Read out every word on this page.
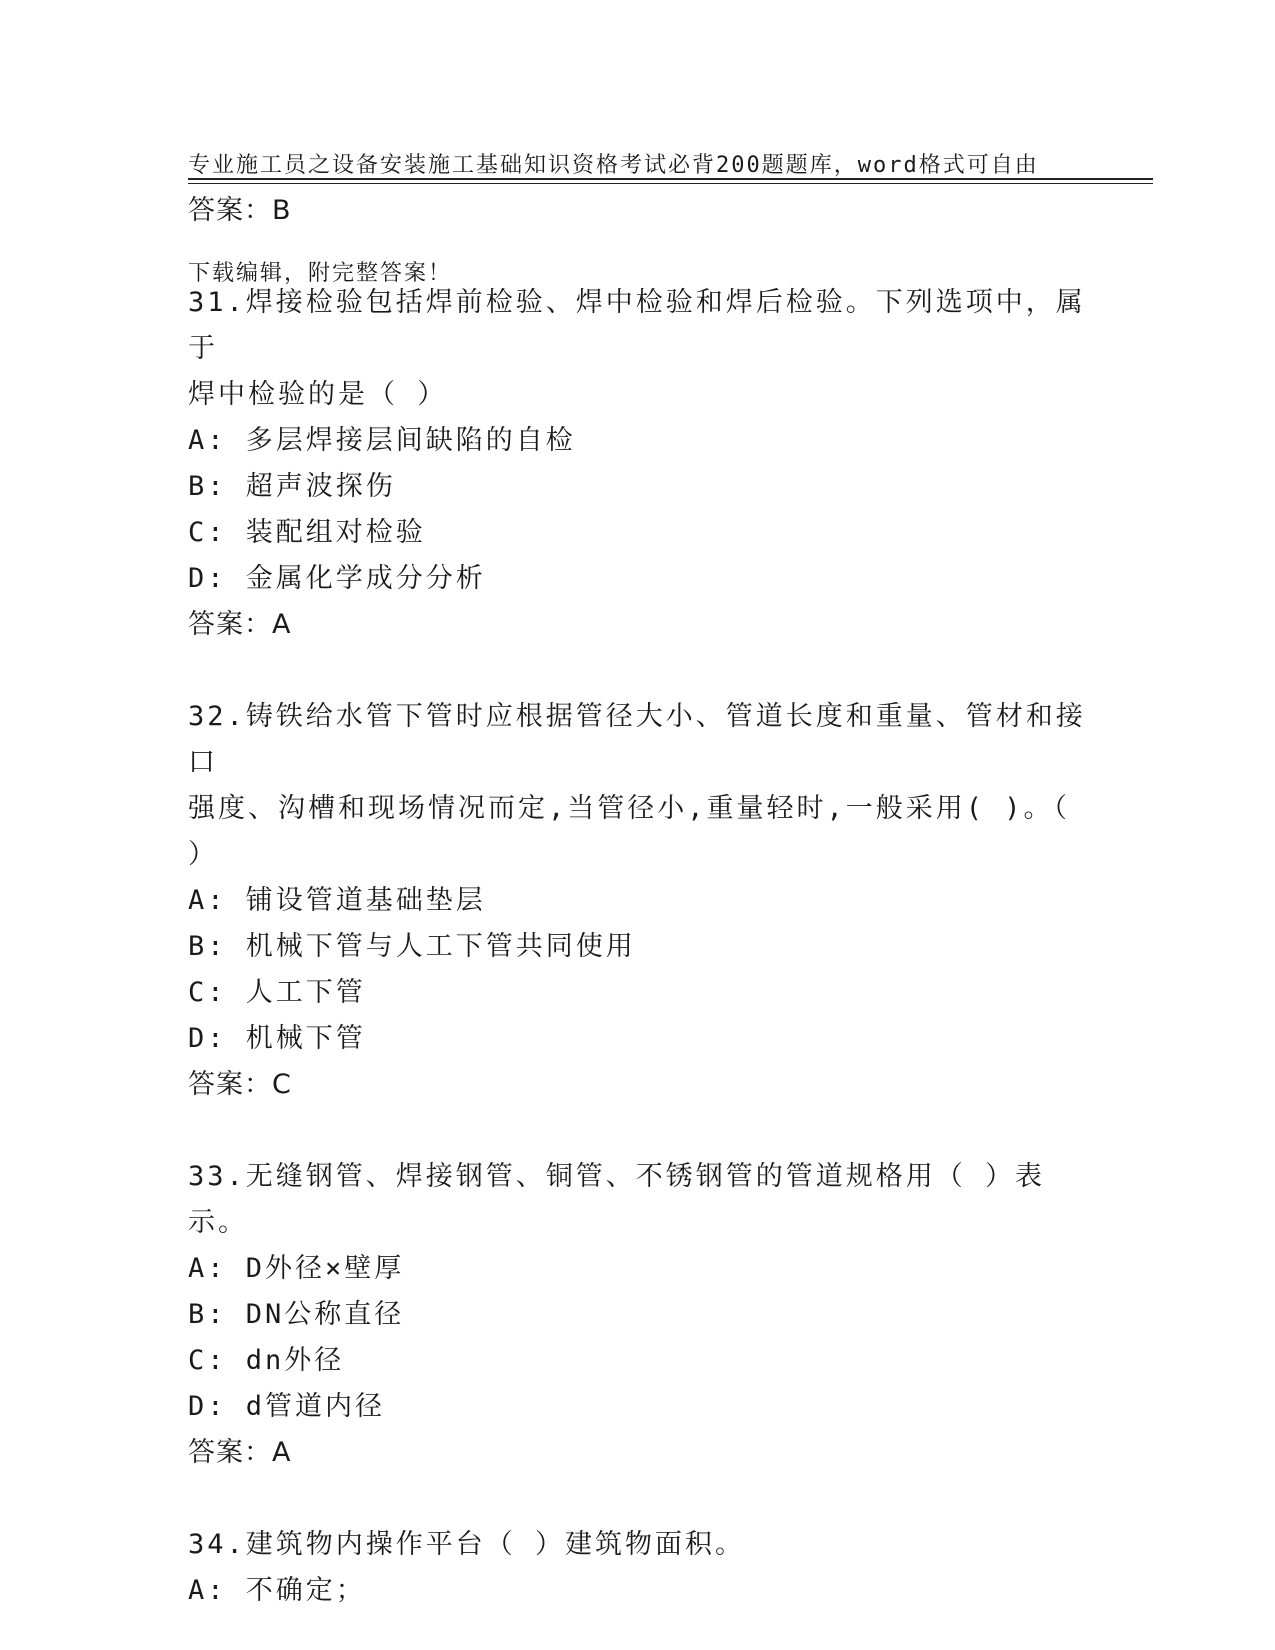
专业施工员之设备安装施工基础知识资格考试必背200题题库，word格式可自由

下载编辑，附完整答案！

答案：B
31.焊接检验包括焊前检验、焊中检验和焊后检验。下列选项中，属于
焊中检验的是（ ）
A: 多层焊接层间缺陷的自检
B: 超声波探伤
C: 装配组对检验
D: 金属化学成分分析
答案：A
32.铸铁给水管下管时应根据管径大小、管道长度和重量、管材和接口
强度、沟槽和现场情况而定,当管径小,重量轻时,一般采用( )。（
）
A: 铺设管道基础垫层
B: 机械下管与人工下管共同使用
C: 人工下管
D: 机械下管
答案：C
33.无缝钢管、焊接钢管、铜管、不锈钢管的管道规格用（ ）表示。
A: D外径×壁厚
B: DN公称直径
C: dn外径
D: d管道内径
答案：A
34.建筑物内操作平台（ ）建筑物面积。
A: 不确定；
